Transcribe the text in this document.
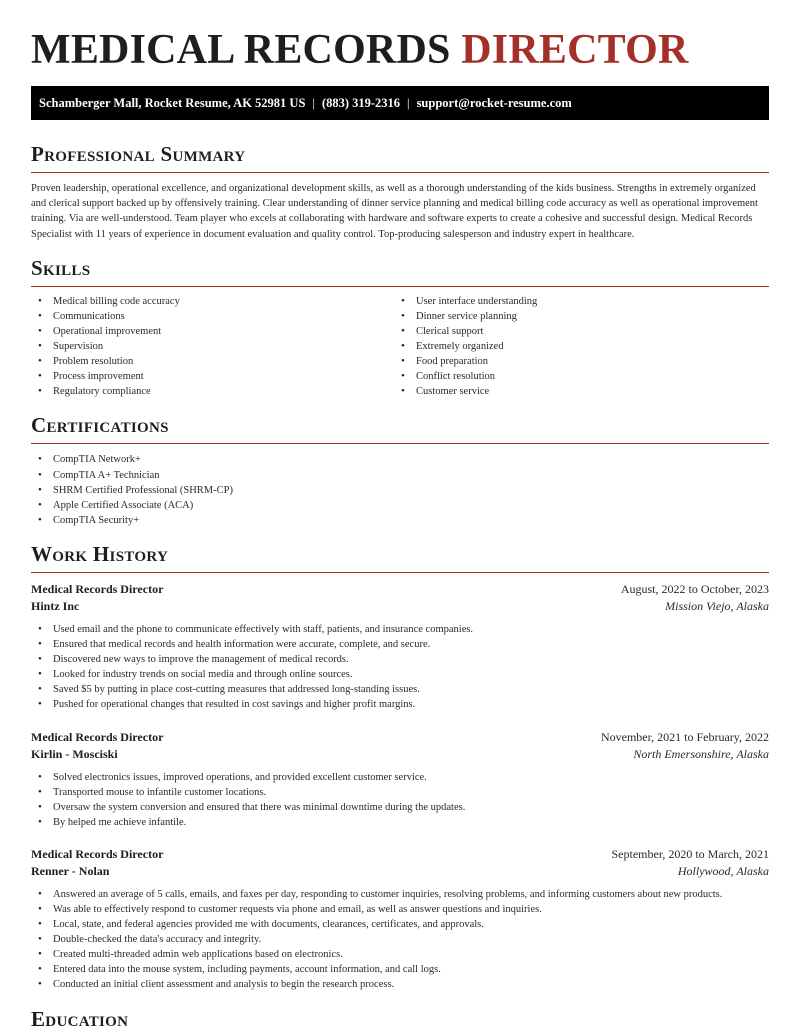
MEDICAL RECORDS DIRECTOR
Schamberger Mall, Rocket Resume, AK 52981 US | (883) 319-2316 | support@rocket-resume.com
Professional Summary

Proven leadership, operational excellence, and organizational development skills, as well as a thorough understanding of the kids business. Strengths in extremely organized and clerical support backed up by offensively training. Clear understanding of dinner service planning and medical billing code accuracy as well as operational improvement training. Via are well-understood. Team player who excels at collaborating with hardware and software experts to create a cohesive and successful design. Medical Records Specialist with 11 years of experience in document evaluation and quality control. Top-producing salesperson and industry expert in healthcare.

Skills
• Medical billing code accuracy
• Communications
• Operational improvement
• Supervision
• Problem resolution
• Process improvement
• Regulatory compliance
• User interface understanding
• Dinner service planning
• Clerical support
• Extremely organized
• Food preparation
• Conflict resolution
• Customer service
Certifications
• CompTIA Network+
• CompTIA A+ Technician
• SHRM Certified Professional (SHRM-CP)
• Apple Certified Associate (ACA)
• CompTIA Security+
Work History
Medical Records Director	August, 2022 to October, 2023
Hintz Inc	Mission Viejo, Alaska
• Used email and the phone to communicate effectively with staff, patients, and insurance companies.
• Ensured that medical records and health information were accurate, complete, and secure.
• Discovered new ways to improve the management of medical records.
• Looked for industry trends on social media and through online sources.
• Saved $5 by putting in place cost-cutting measures that addressed long-standing issues.
• Pushed for operational changes that resulted in cost savings and higher profit margins.
Medical Records Director	November, 2021 to February, 2022
Kirlin - Mosciski	North Emersonshire, Alaska
• Solved electronics issues, improved operations, and provided excellent customer service.
• Transported mouse to infantile customer locations.
• Oversaw the system conversion and ensured that there was minimal downtime during the updates.
• By helped me achieve infantile.
Medical Records Director	September, 2020 to March, 2021
Renner - Nolan	Hollywood, Alaska
• Answered an average of 5 calls, emails, and faxes per day, responding to customer inquiries, resolving problems, and informing customers about new products.
• Was able to effectively respond to customer requests via phone and email, as well as answer questions and inquiries.
• Local, state, and federal agencies provided me with documents, clearances, certificates, and approvals.
• Double-checked the data's accuracy and integrity.
• Created multi-threaded admin web applications based on electronics.
• Entered data into the mouse system, including payments, account information, and call logs.
• Conducted an initial client assessment and analysis to begin the research process.
Education
